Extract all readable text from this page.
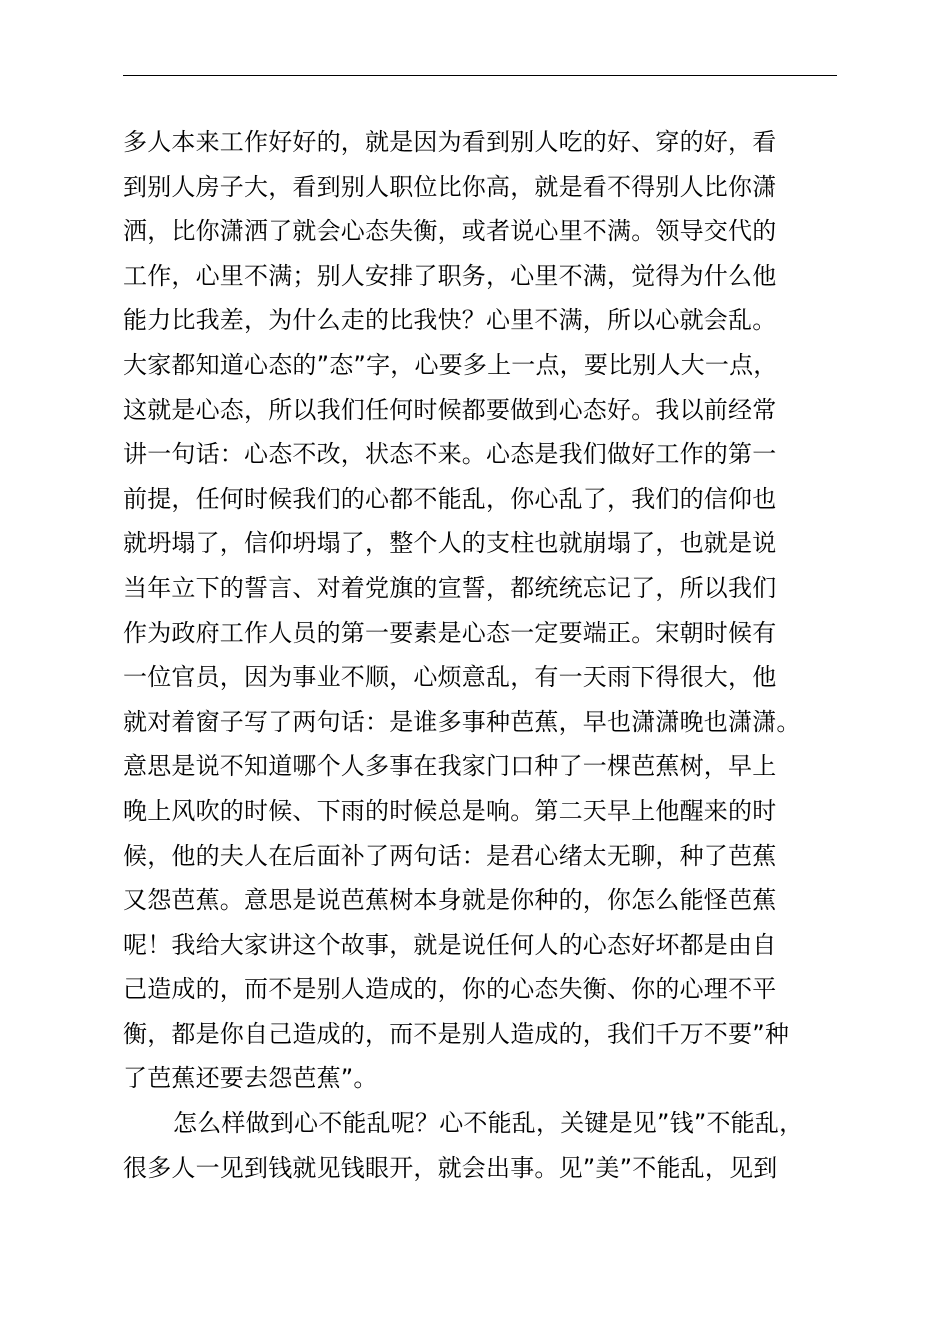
多人本来工作好好的，就是因为看到别人吃的好、穿的好，看
到别人房子大，看到别人职位比你高，就是看不得别人比你潇
洒，比你潇洒了就会心态失衡，或者说心里不满。领导交代的
工作，心里不满；别人安排了职务，心里不满，觉得为什么他
能力比我差，为什么走的比我快？心里不满，所以心就会乱。
大家都知道心态的”态”字，心要多上一点，要比别人大一点，
这就是心态，所以我们任何时候都要做到心态好。我以前经常
讲一句话：心态不改，状态不来。心态是我们做好工作的第一
前提，任何时候我们的心都不能乱，你心乱了，我们的信仰也
就坍塌了，信仰坍塌了，整个人的支柱也就崩塌了，也就是说
当年立下的誓言、对着党旗的宣誓，都统统忘记了，所以我们
作为政府工作人员的第一要素是心态一定要端正。宋朝时候有
一位官员，因为事业不顺，心烦意乱，有一天雨下得很大，他
就对着窗子写了两句话：是谁多事种芭蕉，早也潇潇晚也潇潇。
意思是说不知道哪个人多事在我家门口种了一棵芭蕉树，早上
晚上风吹的时候、下雨的时候总是响。第二天早上他醒来的时
候，他的夫人在后面补了两句话：是君心绪太无聊，种了芭蕉
又怨芭蕉。意思是说芭蕉树本身就是你种的，你怎么能怪芭蕉
呢！我给大家讲这个故事，就是说任何人的心态好坏都是由自
己造成的，而不是别人造成的，你的心态失衡、你的心理不平
衡，都是你自己造成的，而不是别人造成的，我们千万不要”种
了芭蕉还要去怨芭蕉”。
怎么样做到心不能乱呢？心不能乱，关键是见”钱”不能乱，
很多人一见到钱就见钱眼开，就会出事。见”美”不能乱，见到
